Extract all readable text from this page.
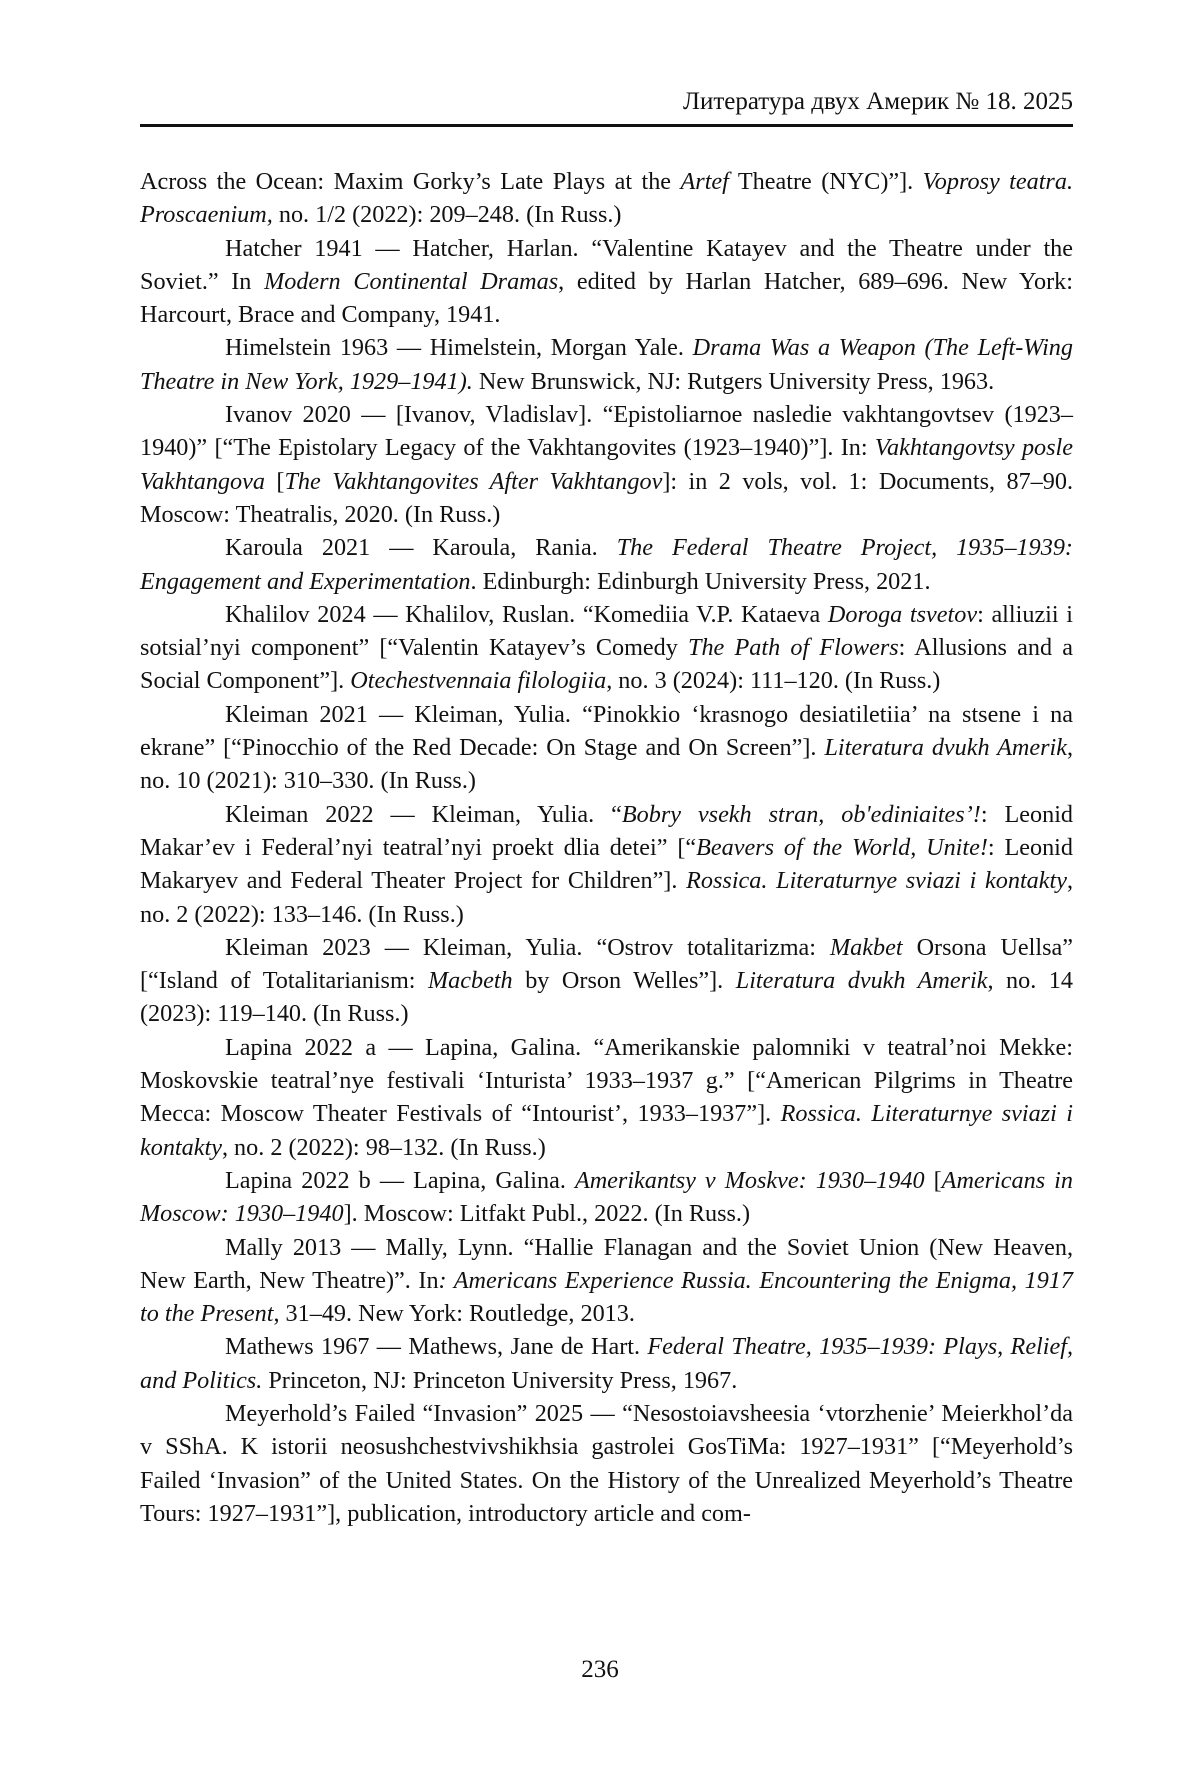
Литература двух Америк № 18. 2025

Across the Ocean: Maxim Gorky’s Late Plays at the Artef Theatre (NYC)”]. Voprosy teatra. Proscaenium, no. 1/2 (2022): 209–248. (In Russ.)

Hatcher 1941 — Hatcher, Harlan. “Valentine Katayev and the Theatre under the Soviet.” In Modern Continental Dramas, edited by Harlan Hatcher, 689–696. New York: Harcourt, Brace and Company, 1941.

Himelstein 1963 — Himelstein, Morgan Yale. Drama Was a Weapon (The Left-Wing Theatre in New York, 1929–1941). New Brunswick, NJ: Rutgers University Press, 1963.

Ivanov 2020 — [Ivanov, Vladislav]. “Epistoliarnoe nasledie vakhtangovtsev (1923–1940)” [“The Epistolary Legacy of the Vakhtangovites (1923–1940)”]. In: Vakhtangovtsy posle Vakhtangova [The Vakhtangovites After Vakhtangov]: in 2 vols, vol. 1: Documents, 87–90. Moscow: Theatralis, 2020. (In Russ.)

Karoula 2021 — Karoula, Rania. The Federal Theatre Project, 1935–1939: Engagement and Experimentation. Edinburgh: Edinburgh University Press, 2021.

Khalilov 2024 — Khalilov, Ruslan. “Komediia V.P. Kataeva Doroga tsvetov: alliuzii i sotsial’nyi component” [“Valentin Katayev’s Comedy The Path of Flowers: Allusions and a Social Component”]. Otechestvennaia filologiia, no. 3 (2024): 111–120. (In Russ.)

Kleiman 2021 — Kleiman, Yulia. “Pinokkio ‘krasnogo desiatiletiia’ na stsene i na ekrane” [“Pinocchio of the Red Decade: On Stage and On Screen”]. Literatura dvukh Amerik, no. 10 (2021): 310–330. (In Russ.)

Kleiman 2022 — Kleiman, Yulia. “Bobry vsekh stran, ob'ediniaites’!: Leonid Makar’ev i Federal’nyi teatral’nyi proekt dlia detei” [“Beavers of the World, Unite!: Leonid Makaryev and Federal Theater Project for Children”]. Rossica. Literaturnye sviazi i kontakty, no. 2 (2022): 133–146. (In Russ.)

Kleiman 2023 — Kleiman, Yulia. “Ostrov totalitarizma: Makbet Orsona Uellsa” [“Island of Totalitarianism: Macbeth by Orson Welles”]. Literatura dvukh Amerik, no. 14 (2023): 119–140. (In Russ.)

Lapina 2022 a — Lapina, Galina. “Amerikanskie palomniki v teatral’noi Mekke: Moskovskie teatral’nye festivali ‘Inturista’ 1933–1937 g.” [“American Pilgrims in Theatre Mecca: Moscow Theater Festivals of “Intourist’, 1933–1937”]. Rossica. Literaturnye sviazi i kontakty, no. 2 (2022): 98–132. (In Russ.)

Lapina 2022 b — Lapina, Galina. Amerikantsy v Moskve: 1930–1940 [Americans in Moscow: 1930–1940]. Moscow: Litfakt Publ., 2022. (In Russ.)

Mally 2013 — Mally, Lynn. “Hallie Flanagan and the Soviet Union (New Heaven, New Earth, New Theatre)”. In: Americans Experience Russia. Encountering the Enigma, 1917 to the Present, 31–49. New York: Routledge, 2013.

Mathews 1967 — Mathews, Jane de Hart. Federal Theatre, 1935–1939: Plays, Relief, and Politics. Princeton, NJ: Princeton University Press, 1967.

Meyerhold’s Failed “Invasion” 2025 — “Nesostoiavsheesia ‘vtorzhenie’ Meierkhol’da v SShA. K istorii neosushchestvivshikhsia gastrolei GosTiMa: 1927–1931” [“Meyerhold’s Failed ‘Invasion” of the United States. On the History of the Unrealized Meyerhold’s Theatre Tours: 1927–1931”], publication, introductory article and com-

236
